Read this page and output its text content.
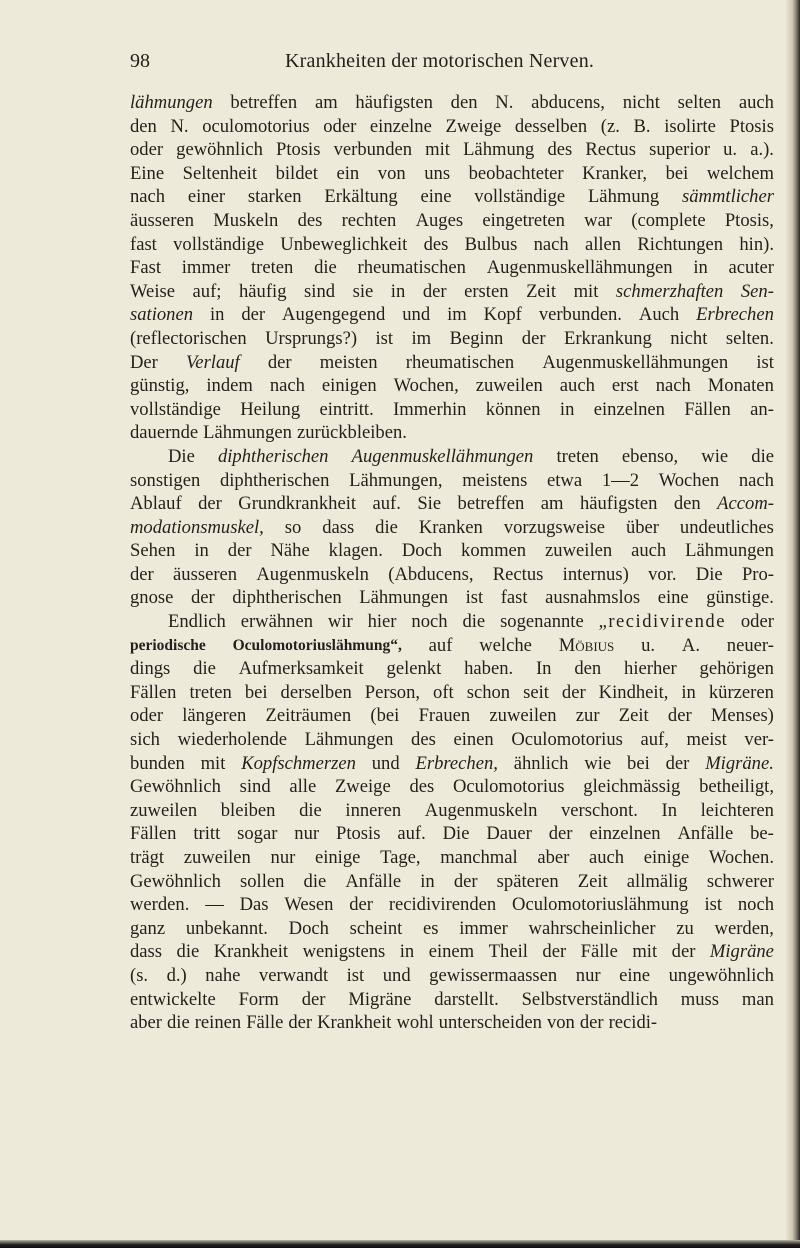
98	Krankheiten der motorischen Nerven.
lähmungen betreffen am häufigsten den N. abducens, nicht selten auch
den N. oculomotorius oder einzelne Zweige desselben (z. B. isolirte Ptosis
oder gewöhnlich Ptosis verbunden mit Lähmung des Rectus superior u. a.).
Eine Seltenheit bildet ein von uns beobachteter Kranker, bei welchem
nach einer starken Erkältung eine vollständige Lähmung sämmtlicher
äusseren Muskeln des rechten Auges eingetreten war (complete Ptosis,
fast vollständige Unbeweglichkeit des Bulbus nach allen Richtungen hin).
Fast immer treten die rheumatischen Augenmuskellähmungen in acuter
Weise auf; häufig sind sie in der ersten Zeit mit schmerzhaften Sen-
sationen in der Augengegend und im Kopf verbunden. Auch Erbrechen
(reflectorischen Ursprungs?) ist im Beginn der Erkrankung nicht selten.
Der Verlauf der meisten rheumatischen Augenmuskellähmungen ist
günstig, indem nach einigen Wochen, zuweilen auch erst nach Monaten
vollständige Heilung eintritt. Immerhin können in einzelnen Fällen an-
dauernde Lähmungen zurückbleiben.
Die diphtherischen Augenmuskellähmungen treten ebenso, wie die
sonstigen diphtherischen Lähmungen, meistens etwa 1—2 Wochen nach
Ablauf der Grundkrankheit auf. Sie betreffen am häufigsten den Accom-
modationsmuskel, so dass die Kranken vorzugsweise über undeutliches
Sehen in der Nähe klagen. Doch kommen zuweilen auch Lähmungen
der äusseren Augenmuskeln (Abducens, Rectus internus) vor. Die Pro-
gnose der diphtherischen Lähmungen ist fast ausnahmslos eine günstige.
Endlich erwähnen wir hier noch die sogenannte „recidivirende oder
periodische Oculomotoriuslähmung“, auf welche Möbius u. A. neuer-
dings die Aufmerksamkeit gelenkt haben. In den hierher gehörigen
Fällen treten bei derselben Person, oft schon seit der Kindheit, in kürzeren
oder längeren Zeiträumen (bei Frauen zuweilen zur Zeit der Menses)
sich wiederholende Lähmungen des einen Oculomotorius auf, meist ver-
bunden mit Kopfschmerzen und Erbrechen, ähnlich wie bei der Migräne.
Gewöhnlich sind alle Zweige des Oculomotorius gleichmässig betheiligt,
zuweilen bleiben die inneren Augenmuskeln verschont. In leichteren
Fällen tritt sogar nur Ptosis auf. Die Dauer der einzelnen Anfälle be-
trägt zuweilen nur einige Tage, manchmal aber auch einige Wochen.
Gewöhnlich sollen die Anfälle in der späteren Zeit allmälig schwerer
werden. — Das Wesen der recidivirenden Oculomotoriuslähmung ist noch
ganz unbekannt. Doch scheint es immer wahrscheinlicher zu werden,
dass die Krankheit wenigstens in einem Theil der Fälle mit der Migräne
(s. d.) nahe verwandt ist und gewissermaassen nur eine ungewöhnlich
entwickelte Form der Migräne darstellt. Selbstverständlich muss man
aber die reinen Fälle der Krankheit wohl unterscheiden von der recidi-
